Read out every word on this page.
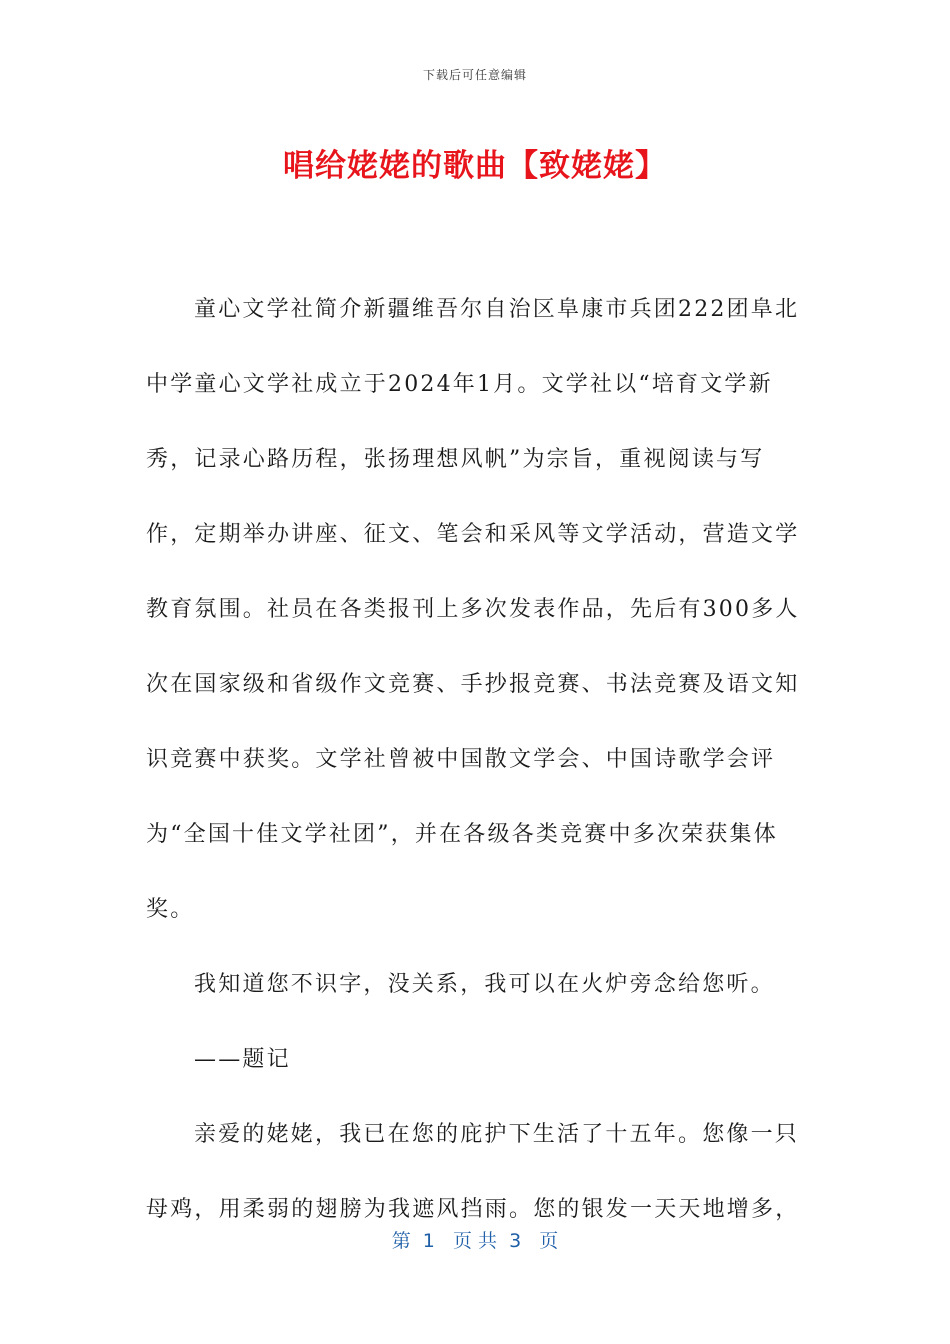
下载后可任意编辑
唱给姥姥的歌曲【致姥姥】

童心文学社简介新疆维吾尔自治区阜康市兵团222团阜北中学童心文学社成立于2024年1月。文学社以“培育文学新秀，记录心路历程，张扬理想风帆”为宗旨，重视阅读与写作，定期举办讲座、征文、笔会和采风等文学活动，营造文学教育氛围。社员在各类报刊上多次发表作品，先后有300多人次在国家级和省级作文竞赛、手抄报竞赛、书法竞赛及语文知识竞赛中获奖。文学社曾被中国散文学会、中国诗歌学会评为“全国十佳文学社团”，并在各级各类竞赛中多次荣获集体奖。

我知道您不识字，没关系，我可以在火炉旁念给您听。

——题记

亲爱的姥姥，我已在您的庇护下生活了十五年。您像一只母鸡，用柔弱的翅膀为我遮风挡雨。您的银发一天天地增多，

第  1   页 共  3   页
